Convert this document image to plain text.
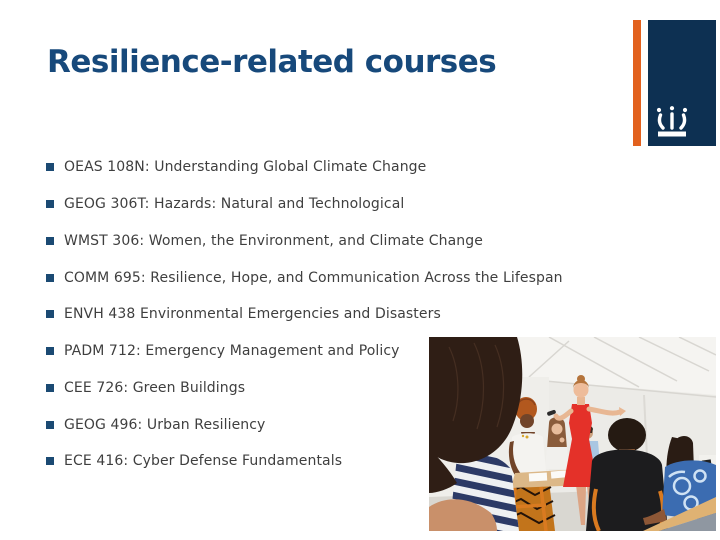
Resilience-related courses
OEAS 108N: Understanding Global Climate Change
GEOG 306T: Hazards: Natural and Technological
WMST 306: Women, the Environment, and Climate Change
COMM 695: Resilience, Hope, and Communication Across the Lifespan
ENVH 438 Environmental Emergencies and Disasters
PADM 712: Emergency Management and Policy
CEE 726: Green Buildings
GEOG 496: Urban Resiliency
ECE 416: Cyber Defense Fundamentals
